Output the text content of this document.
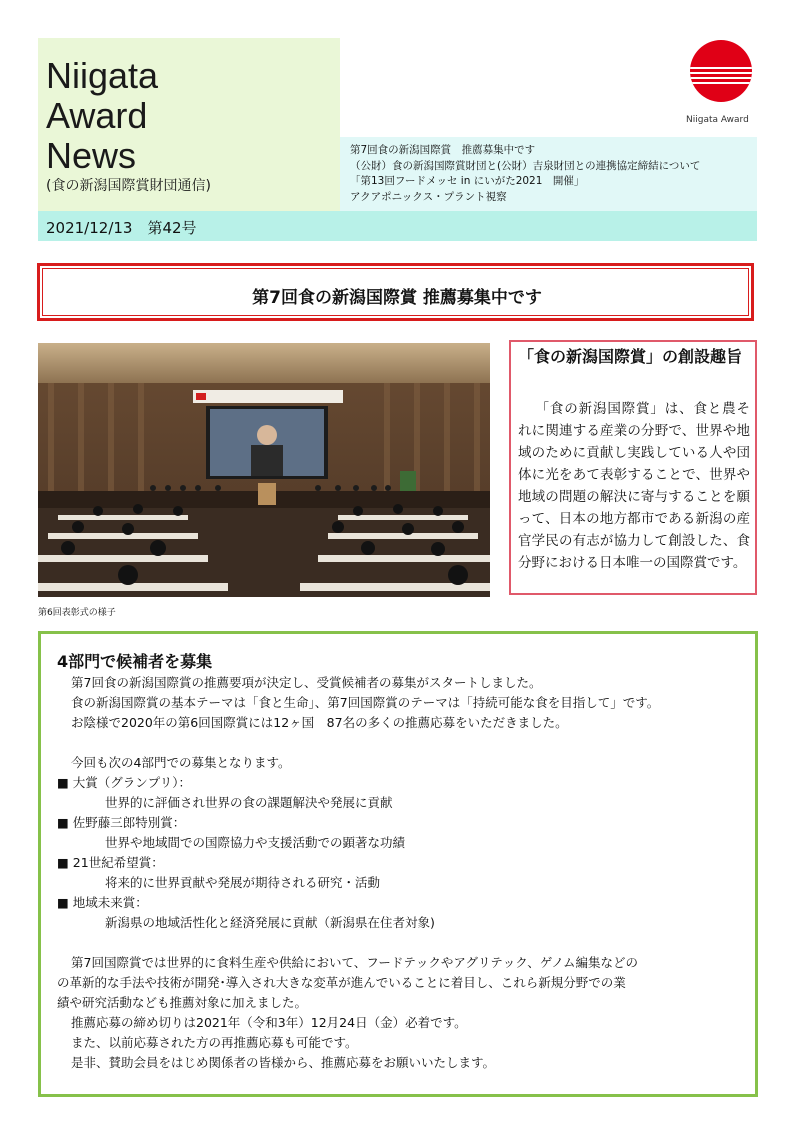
Niigata
Award
News
(食の新潟国際賞財団通信)
第7回食の新潟国際賞　推薦募集中です
（公財）食の新潟国際賞財団と(公財）吉泉財団との連携協定締結について
「第13回フードメッセ in にいがた2021　開催」
アクアポニックス・プラント視察
2021/12/13　第42号
Niigata Award
第7回食の新潟国際賞 推薦募集中です
第6回表彰式の様子
「食の新潟国際賞」の創設趣旨
「食の新潟国際賞」は、食と農それに関連する産業の分野で、世界や地域のために貢献し実践している人や団体に光をあて表彰することで、世界や地域の問題の解決に寄与することを願って、日本の地方都市である新潟の産官学民の有志が協力して創設した、食分野における日本唯一の国際賞です。
4部門で候補者を募集

第7回食の新潟国際賞の推薦要項が決定し、受賞候補者の募集がスタートしました。

食の新潟国際賞の基本テーマは「食と生命」、第7回国際賞のテーマは「持続可能な食を目指して」です。

お陰様で2020年の第6回国際賞には12ヶ国　87名の多くの推薦応募をいただきました。

今回も次の4部門での募集となります。

■ 大賞（グランプリ）：

世界的に評価され世界の食の課題解決や発展に貢献

■ 佐野藤三郎特別賞：

世界や地域間での国際協力や支援活動での顕著な功績

■ 21世紀希望賞：

将来的に世界貢献や発展が期待される研究・活動

■ 地域未来賞：

新潟県の地域活性化と経済発展に貢献（新潟県在住者対象)

第7回国際賞では世界的に食料生産や供給において、フードテックやアグリテック、ゲノム編集などの

の革新的な手法や技術が開発･導入され大きな変革が進んでいることに着目し、これら新規分野での業

績や研究活動なども推薦対象に加えました。

推薦応募の締め切りは2021年（令和3年）12月24日（金）必着です。

また、以前応募された方の再推薦応募も可能です。

是非、賛助会員をはじめ関係者の皆様から、推薦応募をお願いいたします。
